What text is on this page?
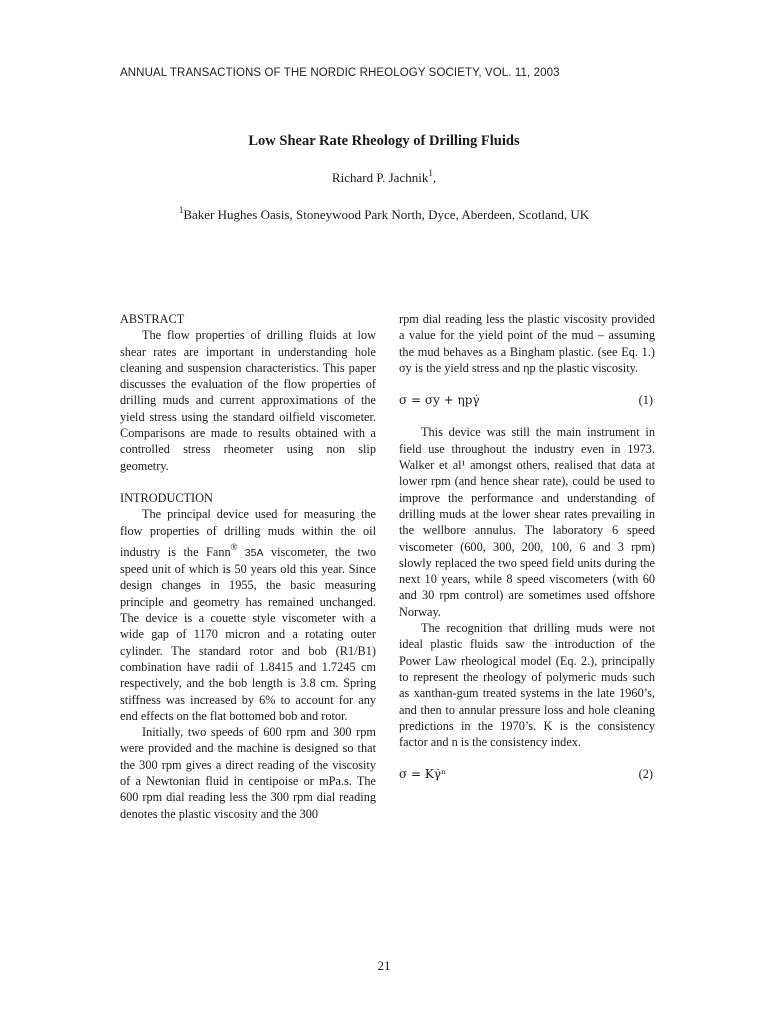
ANNUAL TRANSACTIONS OF THE NORDIC RHEOLOGY SOCIETY, VOL. 11, 2003
Low Shear Rate Rheology of Drilling Fluids
Richard P. Jachnik$^1$,
$^1$Baker Hughes Oasis, Stoneywood Park North, Dyce, Aberdeen, Scotland, UK

ABSTRACT

The flow properties of drilling fluids at low shear rates are important in understanding hole cleaning and suspension characteristics. This paper discusses the evaluation of the flow properties of drilling muds and current approximations of the yield stress using the standard oilfield viscometer. Comparisons are made to results obtained with a controlled stress rheometer using non slip geometry.

INTRODUCTION

The principal device used for measuring the flow properties of drilling muds within the oil industry is the Fann® 35A viscometer, the two speed unit of which is 50 years old this year. Since design changes in 1955, the basic measuring principle and geometry has remained unchanged. The device is a couette style viscometer with a wide gap of 1170 micron and a rotating outer cylinder. The standard rotor and bob (R1/B1) combination have radii of 1.8415 and 1.7245 cm respectively, and the bob length is 3.8 cm. Spring stiffness was increased by 6% to account for any end effects on the flat bottomed bob and rotor.

Initially, two speeds of 600 rpm and 300 rpm were provided and the machine is designed so that the 300 rpm gives a direct reading of the viscosity of a Newtonian fluid in centipoise or mPa.s. The 600 rpm dial reading less the 300 rpm dial reading denotes the plastic viscosity and the 300

rpm dial reading less the plastic viscosity provided a value for the yield point of the mud – assuming the mud behaves as a Bingham plastic. (see Eq. 1.) σy is the yield stress and ηp the plastic viscosity.

σ = σy + ηpγ̇	(1)

This device was still the main instrument in field use throughout the industry even in 1973. Walker et al¹ amongst others, realised that data at lower rpm (and hence shear rate), could be used to improve the performance and understanding of drilling muds at the lower shear rates prevailing in the wellbore annulus. The laboratory 6 speed viscometer (600, 300, 200, 100, 6 and 3 rpm) slowly replaced the two speed field units during the next 10 years, while 8 speed viscometers (with 60 and 30 rpm control) are sometimes used offshore Norway.

The recognition that drilling muds were not ideal plastic fluids saw the introduction of the Power Law rheological model (Eq. 2.), principally to represent the rheology of polymeric muds such as xanthan-gum treated systems in the late 1960’s, and then to annular pressure loss and hole cleaning predictions in the 1970’s. K is the consistency factor and n is the consistency index.

σ = Kγ̇ⁿ	(2)
21
